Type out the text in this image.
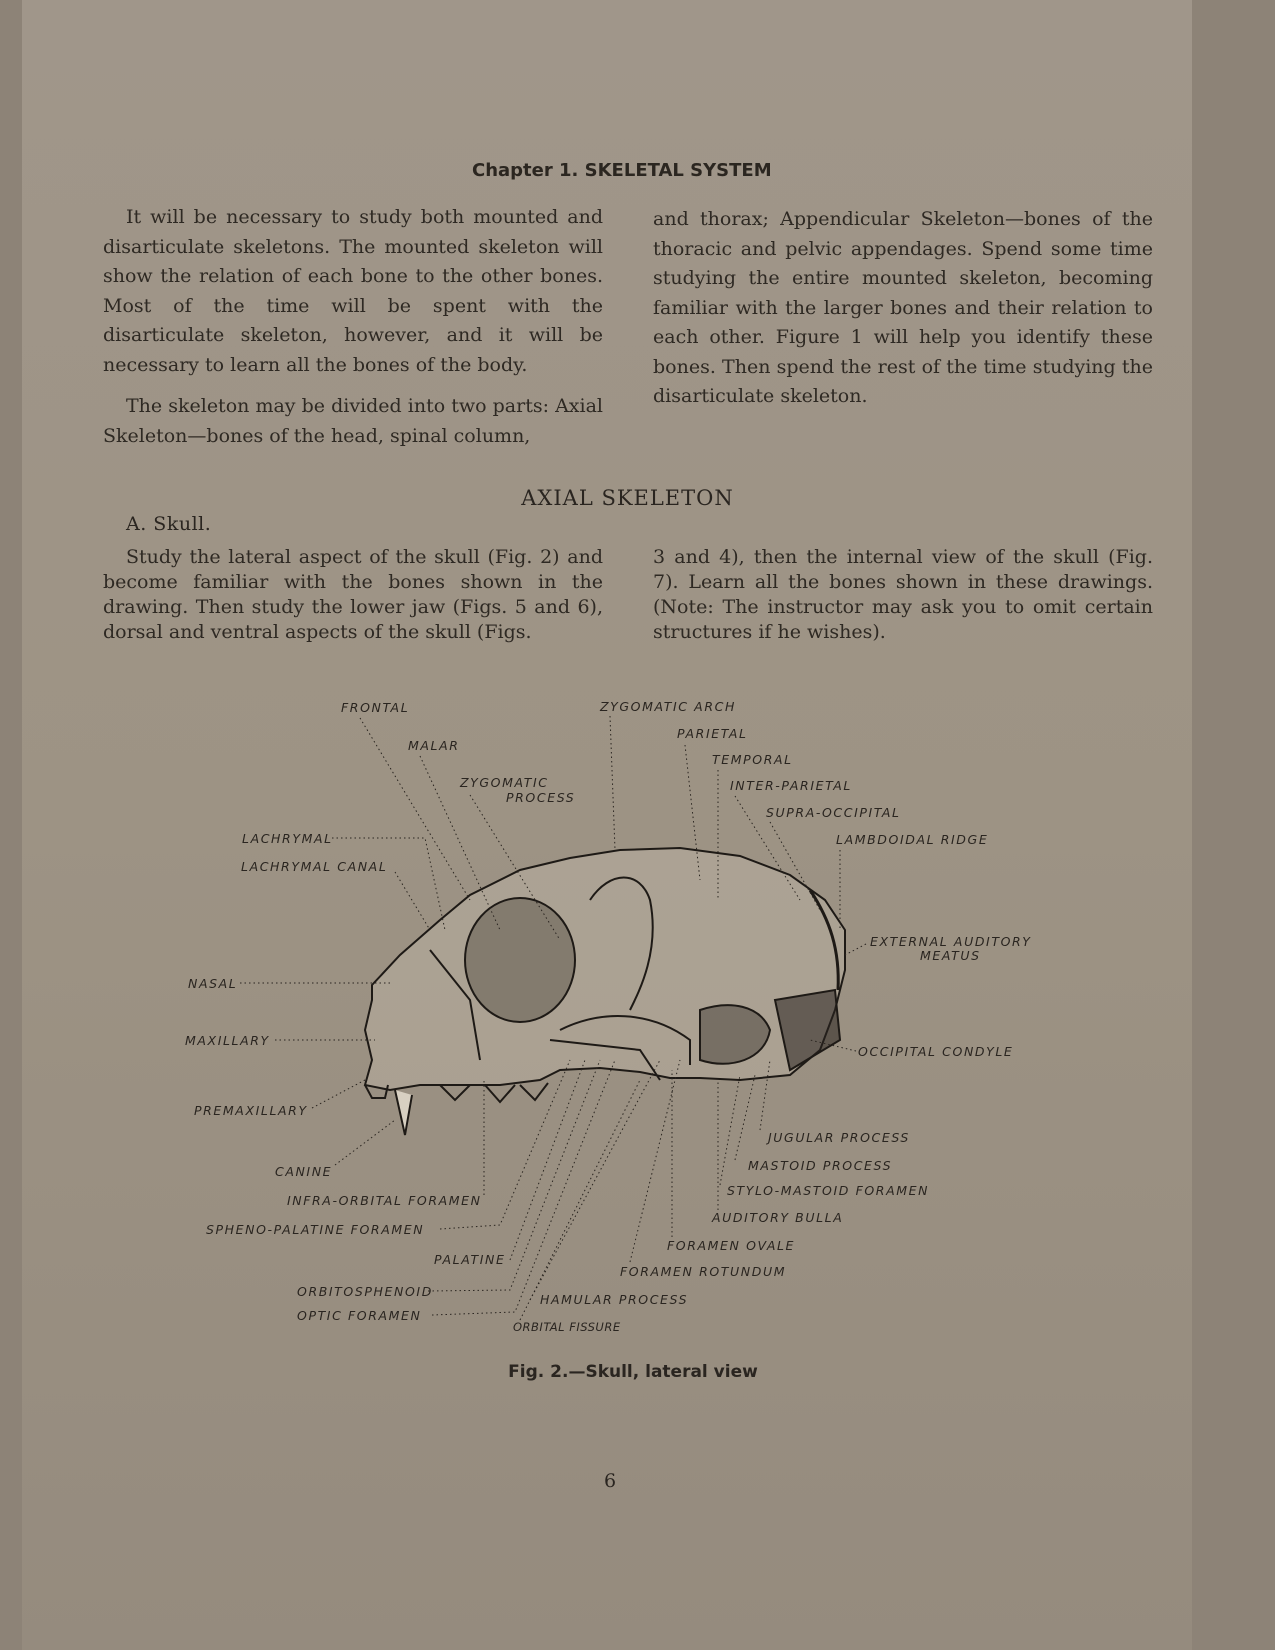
Chapter 1. SKELETAL SYSTEM

It will be necessary to study both mounted and disarticulate skeletons. The mounted skeleton will show the relation of each bone to the other bones. Most of the time will be spent with the disarticulate skeleton, however, and it will be necessary to learn all the bones of the body.

The skeleton may be divided into two parts: Axial Skeleton—bones of the head, spinal column,

and thorax; Appendicular Skeleton—bones of the thoracic and pelvic appendages. Spend some time studying the entire mounted skeleton, becoming familiar with the larger bones and their relation to each other. Figure 1 will help you identify these bones. Then spend the rest of the time studying the disarticulate skeleton.

AXIAL SKELETON
A. Skull.

Study the lateral aspect of the skull (Fig. 2) and become familiar with the bones shown in the drawing. Then study the lower jaw (Figs. 5 and 6), dorsal and ventral aspects of the skull (Figs.

3 and 4), then the internal view of the skull (Fig. 7). Learn all the bones shown in these drawings. (Note: The instructor may ask you to omit certain structures if he wishes).

FRONTAL
MALAR
ZYGOMATIC
PROCESS
ZYGOMATIC ARCH
PARIETAL
TEMPORAL
INTER-PARIETAL
SUPRA-OCCIPITAL
LAMBDOIDAL RIDGE
LACHRYMAL
LACHRYMAL CANAL
EXTERNAL AUDITORY
MEATUS
NASAL
MAXILLARY
OCCIPITAL CONDYLE
PREMAXILLARY
JUGULAR PROCESS
CANINE	MASTOID PROCESS
INFRA-ORBITAL FORAMEN
STYLO-MASTOID FORAMEN
SPHENO-PALATINE FORAMEN
AUDITORY BULLA
FORAMEN OVALE
PALATINE
FORAMEN ROTUNDUM
ORBITOSPHENOID
HAMULAR PROCESS
OPTIC FORAMEN
ORBITAL FISSURE
Fig. 2.—Skull, lateral view
6
